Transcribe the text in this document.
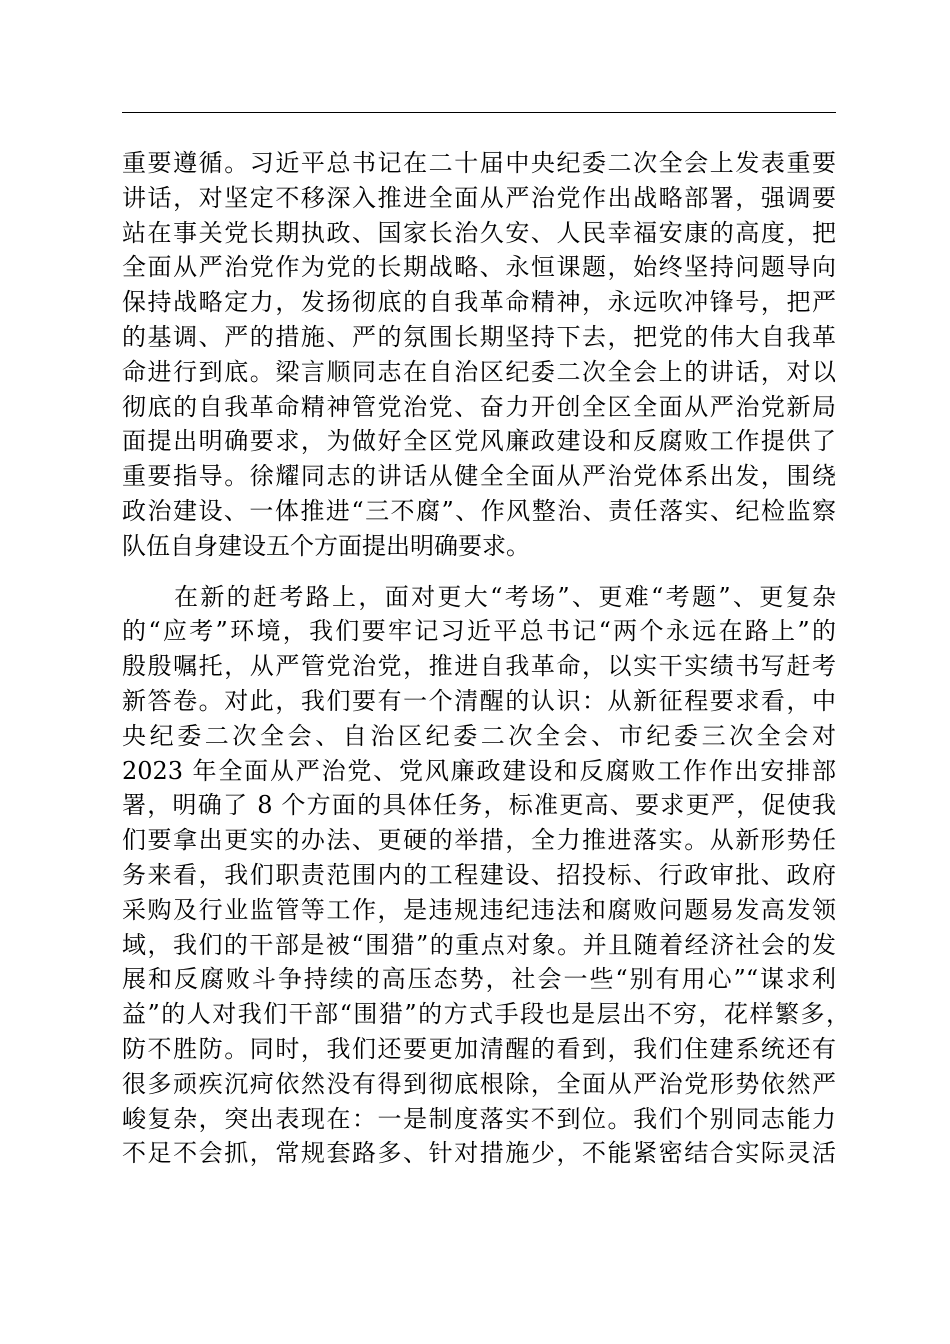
重要遵循。习近平总书记在二十届中央纪委二次全会上发表重要
讲话，对坚定不移深入推进全面从严治党作出战略部署，强调要
站在事关党长期执政、国家长治久安、人民幸福安康的高度，把
全面从严治党作为党的长期战略、永恒课题，始终坚持问题导向
保持战略定力，发扬彻底的自我革命精神，永远吹冲锋号，把严
的基调、严的措施、严的氛围长期坚持下去，把党的伟大自我革
命进行到底。梁言顺同志在自治区纪委二次全会上的讲话，对以
彻底的自我革命精神管党治党、奋力开创全区全面从严治党新局
面提出明确要求，为做好全区党风廉政建设和反腐败工作提供了
重要指导。徐耀同志的讲话从健全全面从严治党体系出发，围绕
政治建设、一体推进“三不腐”、作风整治、责任落实、纪检监察
队伍自身建设五个方面提出明确要求。
在新的赶考路上，面对更大“考场”、更难“考题”、更复杂
的“应考”环境，我们要牢记习近平总书记“两个永远在路上”的
殷殷嘱托，从严管党治党，推进自我革命，以实干实绩书写赶考
新答卷。对此，我们要有一个清醒的认识：从新征程要求看，中
央纪委二次全会、自治区纪委二次全会、市纪委三次全会对
2023 年全面从严治党、党风廉政建设和反腐败工作作出安排部
署，明确了 8 个方面的具体任务，标准更高、要求更严，促使我
们要拿出更实的办法、更硬的举措，全力推进落实。从新形势任
务来看，我们职责范围内的工程建设、招投标、行政审批、政府
采购及行业监管等工作，是违规违纪违法和腐败问题易发高发领
域，我们的干部是被“围猎”的重点对象。并且随着经济社会的发
展和反腐败斗争持续的高压态势，社会一些“别有用心”“谋求利
益”的人对我们干部“围猎”的方式手段也是层出不穷，花样繁多，
防不胜防。同时，我们还要更加清醒的看到，我们住建系统还有
很多顽疾沉疴依然没有得到彻底根除，全面从严治党形势依然严
峻复杂，突出表现在：一是制度落实不到位。我们个别同志能力
不足不会抓，常规套路多、针对措施少，不能紧密结合实际灵活
